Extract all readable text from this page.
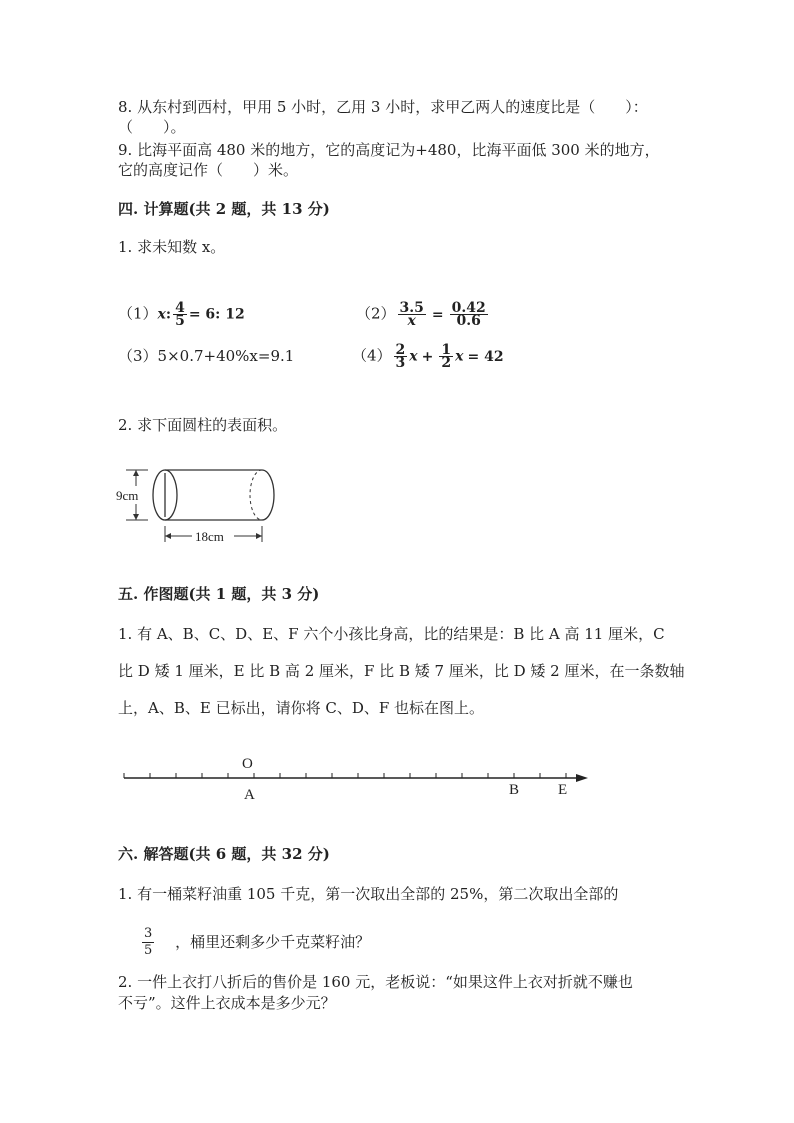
8. 从东村到西村，甲用 5 小时，乙用 3 小时，求甲乙两人的速度比是（　　）：
（　　）。
9. 比海平面高 480 米的地方，它的高度记为+480，比海平面低 300 米的地方，
它的高度记作（　　）米。
四. 计算题(共 2 题，共 13 分)
1. 求未知数 x。
（1）x: $\frac{4}{5} = 6$: 12	$(2) \frac{3.5}{x} = \frac{0.42}{0.6}$
（3）5×0.7+40%x=9.1	$(4) \frac{2}{3}$ $x + \frac{1}{2}$ x = 42
2. 求下面圆柱的表面积。
9cm
18cm
五. 作图题(共 1 题，共 3 分)
1. 有 A、B、C、D、E、F 六个小孩比身高，比的结果是：B 比 A 高 11 厘米，C
比 D 矮 1 厘米，E 比 B 高 2 厘米，F 比 B 矮 7 厘米，比 D 矮 2 厘米，在一条数轴
上，A、B、E 已标出，请你将 C、D、F 也标在图上。
O
A	B	E
六. 解答题(共 6 题，共 32 分)
1. 有一桶菜籽油重 105 千克，第一次取出全部的 25%，第二次取出全部的
$\frac{3}{5}$ ，桶里还剩多少千克菜籽油？
2. 一件上衣打八折后的售价是 160 元，老板说：“如果这件上衣对折就不赚也
不亏”。这件上衣成本是多少元？
